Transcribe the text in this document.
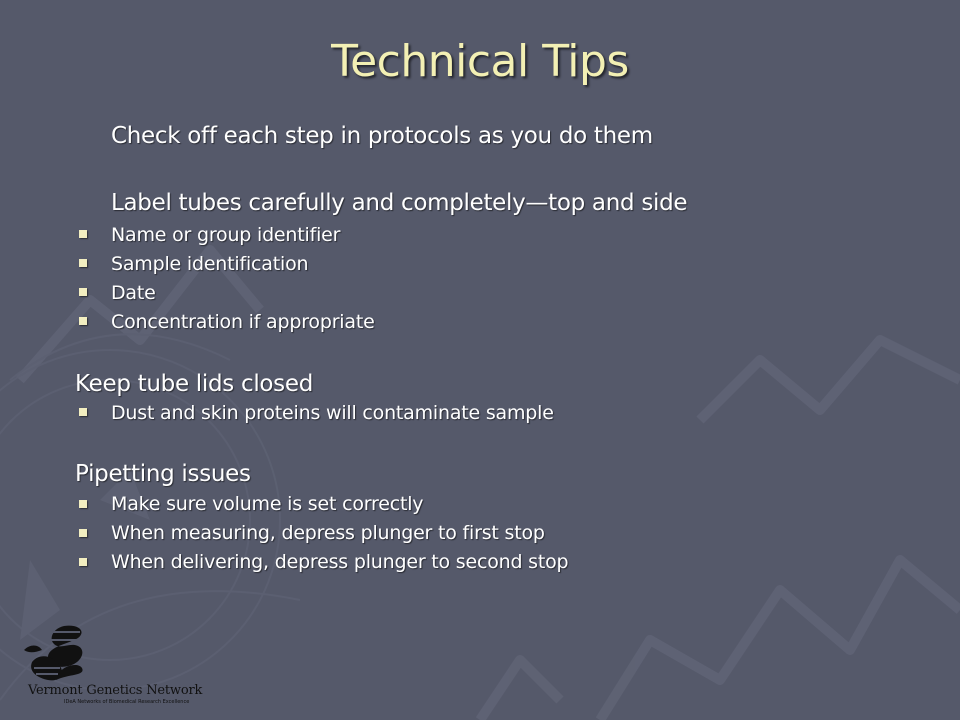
Technical Tips
Check off each step in protocols as you do them
Label tubes carefully and completely—top and side
Name or group identifier
Sample identification
Date
Concentration if appropriate
Keep tube lids closed
Dust and skin proteins will contaminate sample
Pipetting issues
Make sure volume is set correctly
When measuring, depress plunger to first stop
When delivering, depress plunger to second stop
Vermont Genetics Network
IDeA Networks of Biomedical Research Excellence
